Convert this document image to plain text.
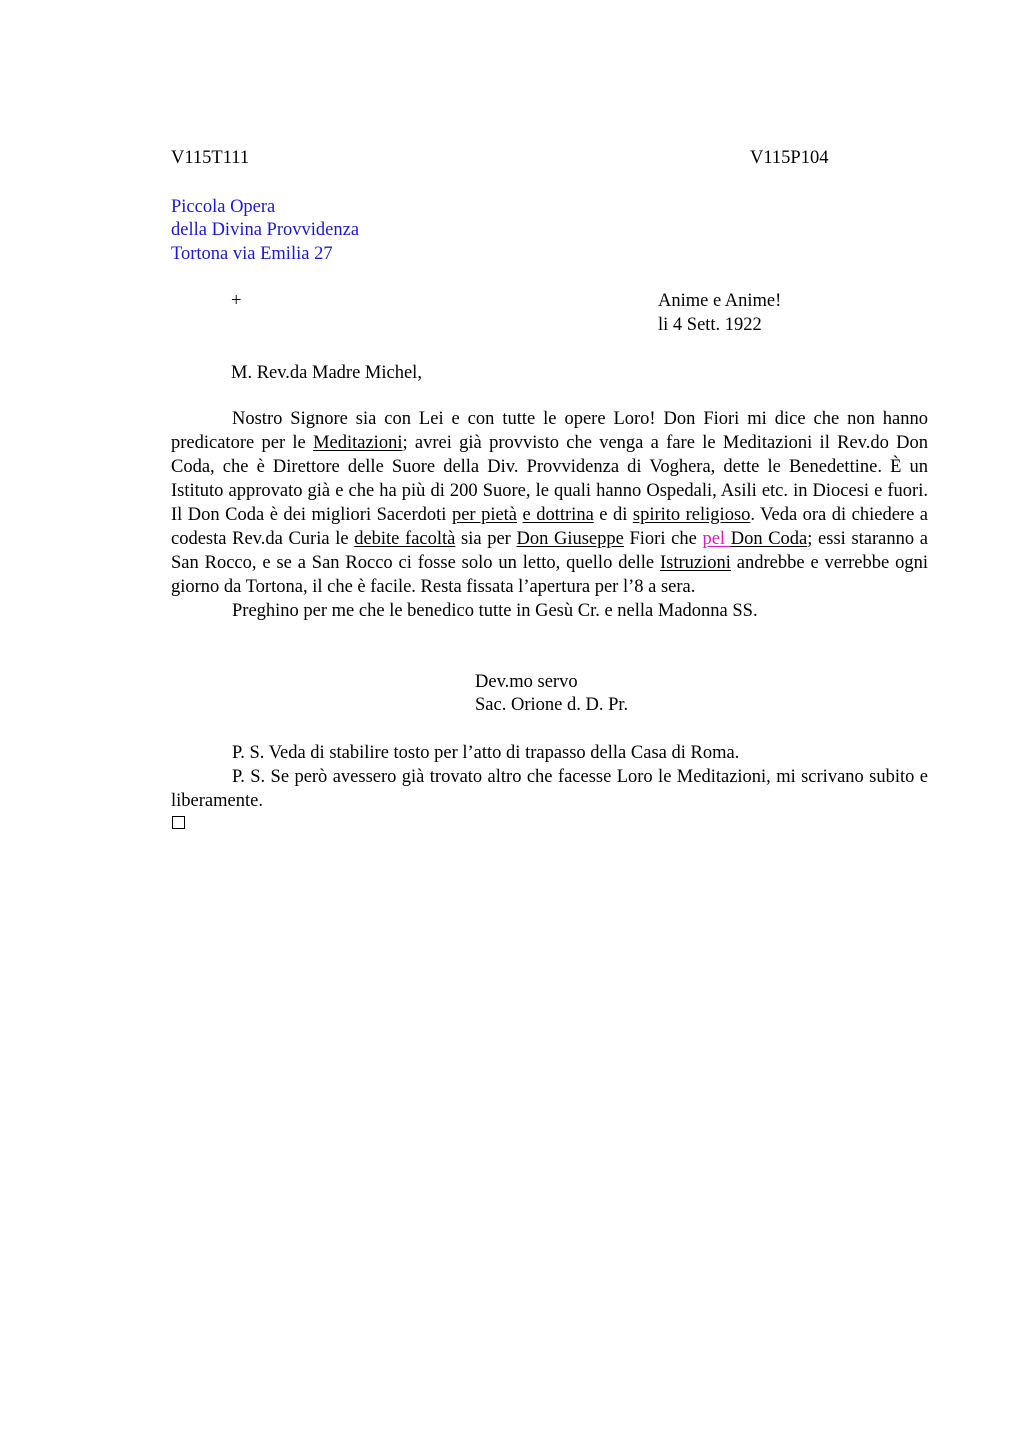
V115T111	V115P104
Piccola Opera
della Divina Provvidenza
Tortona via Emilia 27
+	Anime e Anime!
li 4 Sett. 1922
M. Rev.da Madre Michel,

Nostro Signore sia con Lei e con tutte le opere Loro! Don Fiori mi dice che non hanno predicatore per le Meditazioni; avrei già provvisto che venga a fare le Meditazioni il Rev.do Don Coda, che è Direttore delle Suore della Div. Provvidenza di Voghera, dette le Benedettine. È un Istituto approvato già e che ha più di 200 Suore, le quali hanno Ospedali, Asili etc. in Diocesi e fuori. Il Don Coda è dei migliori Sacerdoti per pietà e dottrina e di spirito religioso. Veda ora di chiedere a codesta Rev.da Curia le debite facoltà sia per Don Giuseppe Fiori che pel Don Coda; essi staranno a San Rocco, e se a San Rocco ci fosse solo un letto, quello delle Istruzioni andrebbe e verrebbe ogni giorno da Tortona, il che è facile. Resta fissata l’apertura per l’8 a sera.

Preghino per me che le benedico tutte in Gesù Cr. e nella Madonna SS.

Dev.mo servo
Sac. Orione d. D. Pr.

P. S. Veda di stabilire tosto per l’atto di trapasso della Casa di Roma.

P. S. Se però avessero già trovato altro che facesse Loro le Meditazioni, mi scrivano subito e liberamente.
